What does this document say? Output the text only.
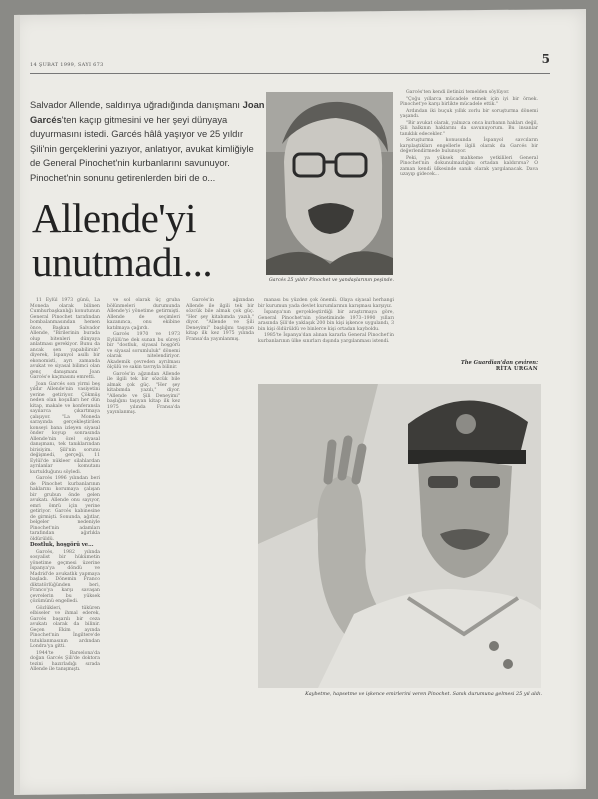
14 ŞUBAT 1999, SAYI 673	5
Salvador Allende, saldırıya uğradığında danışmanı Joan Garcés'ten kaçıp gitmesini ve her şeyi dünyaya duyurmasını istedi. Garcés hâlâ yaşıyor ve 25 yıldır Şili'nin gerçeklerini yazıyor, anlatıyor, avukat kimliğiyle de General Pinochet'nin kurbanlarını savunuyor. Pinochet'nin sonunu getirenlerden biri de o...
Allende'yi
unutmadı...	Garcés 25 yıldır Pinochet ve yandaşlarının peşinde.

11 Eylül 1973 günü, La Moneda olarak bilinen Cumhurbaşkanlığı konutunun General Pinochet tarafından bombalanmasından hemen önce, Başkan Salvador Allende, "Birilerinin burada olup bitenleri dünyaya anlatması gerekiyor. Bunu da ancak sen yapabilirsin" diyerek, İspanyol asıllı bir ekonomisti, ayrı zamanda avukat ve siyasal bilimci olan genç danışmanı Joan Garcés'e kaçmasını emretti.

Joan Garcés son yirmi beş yıldır Allende'nin vasiyetini yerine getiriyor. Çökmüş neden olan koşulları her dün kitap, makale ve konferansla sayılarca çıkartmaya çalışıyor. "La Moneda sarayında gerçekleştirilen konseyi bana izleyen siyasal önder koyup sonrasında Allende'nin özel siyasal danışmanı, tek tanıklarından birisiyim. Şili'nin sorunu değişmedi, gerçeği, 11 Eylül'de nükleer silahlardan ayrılanlar komutanı kurtulduğunu söyledi.

Garcés 1996 yılından beri de Pinochet kurbanlarının haklarını korumaya çalışan bir grubun önde gelen avukatı. Allende onu sayıyor, emri ömrü için yerine getiriyor. Garcés kabinesine de girmişti. Sonunda, ağıtlar, belgeler nedeniyle Pinochet'nin adamları tarafından ağırlıkla öldürüldü.

Dostluk, hoşgörü ve...

Garcés, 1982 yılında sosyalist bir hükümetin yönetime geçmesi üzerine İspanya'ya döndü ve Madrid'de avukatlık yapmaya başladı. Dönemin Franco diktatörlüğünden beri, Franco'ya karşı savaşan çevrelerin bu yüksek çözümünü engelledi.

Gözlükleri, tüküren elbiseler ve ihmal ederek, Garcés başarılı bir ceza avukatı olarak da bilinir. Geçen Ekim ayında Pinochet'nin İngiltere'de tutuklanmasının ardından Londra'ya gitti.

1944'te Barselona'da doğan Garcés Şili'de doktora tezini hazırladığı sırada Allende ile tanışmıştı.

ve sol olarak üç gruba bölünmeleri durumunda Allende'yi yönetime getirmişti. Allende de seçimleri kazanınca, onu ekibine katılmaya çağırdı.

Garcés 1970 ve 1973 Eylülü'ne dek sunan bu süreyi bir "dostluk, siyasal hoşgörü ve siyasal sorumluluk" dönemi olarak nitelendiriyor. Akademik çevreden ayrılması ölçülü ve sakin tavrıyla bilinir.

Garcés'in ağzından Allende ile ilgili tek bir sözcük bile almak çok güç. "Her şey kitabımda yazılı," diyor. "Allende ve Şili Deneyimi" başlığını taşıyan kitap ilk kez 1975 yılında Fransa'da yayınlanmış.

Garcés'in ağzından Allende ile ilgili tek bir sözcük bile almak çok güç. "Her şey kitabımda yazılı," diyor. "Allende ve Şili Deneyimi" başlığını taşıyan kitap ilk kez 1975 yılında Fransa'da yayınlanmış.

manası bu yüzden çok önemli. Olaya siyasal herhangi bir kurumun yada devlet kurumlarının karışması karşıyız.

İspanya'nın gerçekleştirdiği bir araştırmaya göre, General Pinochet'nin yönetiminde 1973–1990 yılları arasında Şili'de yaklaşık 200 bin kişi işkence uygulandı, 3 bin kişi öldürüldü ve binlerce kişi ortadan kayboldu.

1985'te İspanya'dan alınan kararla General Pinochet'in kurbanlarının ülke sınırları dışında yargılanması istendi.

Garcés'ten kendi iletinizi temelden söylüyor.

"Çoğu yıllarca mücadele etmek için iyi bir örnek. Pinochet'ye karşı birlikte mücadele ettik."

Ardından iki buçuk yıllık zorlu bir soruşturma dönemi yaşandı.

"Bir avukat olarak, yalnızca onca kurbanın hakları değil, Şili halkının haklarını da savunuyorum. Bu insanlar tanıklık edecekler."

Soruşturma konusunda İspanyol savcıların karşılaştıkları engellerle ilgili olarak da Garcés bir değerlendirmede bulunuyor.

Peki, ya yüksek mahkeme yetkilileri General Pinochet'nin dokunulmazlığını ortadan kaldırırsa? O zaman kendi ülkesinde sanık olarak yargılanacak. Dava uzayıp gidecek...

The Guardian'dan çeviren:
RİTA URGAN
Kaybetme, hapsetme ve işkence emirlerini veren Pinochet. Sanık durumuna gelmesi 25 yıl aldı.
